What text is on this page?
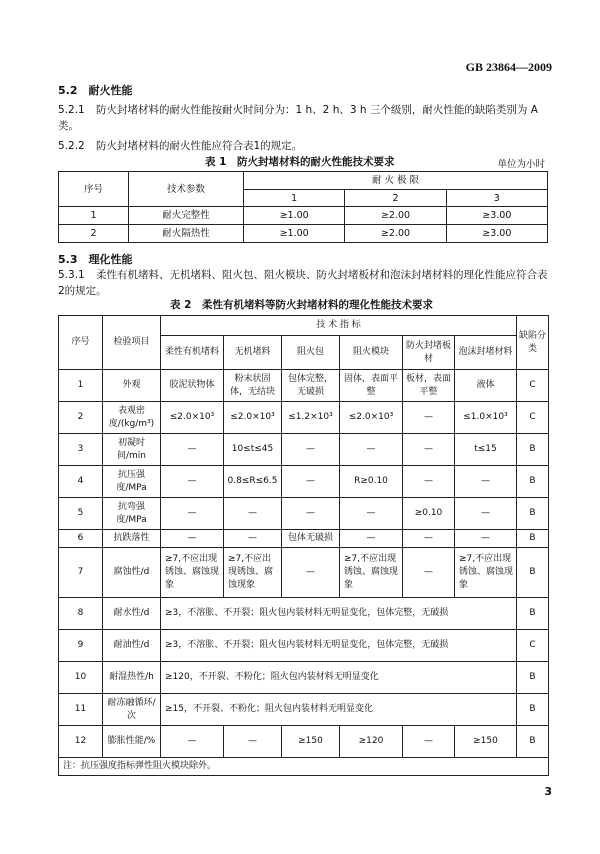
GB 23864—2009
5.2　耐火性能
5.2.1 防火封堵材料的耐火性能按耐火时间分为：1 h、2 h、3 h 三个级别，耐火性能的缺陷类别为 A类。
5.2.2 防火封堵材料的耐火性能应符合表1的规定。
表 1　防火封堵材料的耐火性能技术要求	单位为小时
序号	技术参数	耐 火 极 限		
		1	2	3
1	耐火完整性	≥1.00	≥2.00	≥3.00
2	耐火隔热性	≥1.00	≥2.00	≥3.00
5.3　理化性能
5.3.1 柔性有机堵料、无机堵料、阻火包、阻火模块、防火封堵板材和泡沫封堵材料的理化性能应符合表2的规定。
表 2　柔性有机堵料等防火封堵材料的理化性能技术要求
序号	检验项目	技 术 指 标						缺陷分类
		柔性有机堵料	无机堵料	阻火包	阻火模块	防火封堵板材	泡沫封堵材料	
1	外观	胶泥状物体	粉末状固体，无结块	包体完整，无破损	固体，表面平整	板材，表面平整	液体	C
2	表观密度/(kg/m³)	≤2.0×10³	≤2.0×10³	≤1.2×10³	≤2.0×10³	—	≤1.0×10³	C
3	初凝时间/min	—	10≤t≤45	—	—	—	t≤15	B
4	抗压强度/MPa	—	0.8≤R≤6.5	—	R≥0.10	—	—	B
5	抗弯强度/MPa	—	—	—	—	≥0.10	—	B
6	抗跌落性	—	—	包体无破损	—	—	—	B
7	腐蚀性/d	≥7,不应出现锈蚀、腐蚀现象	≥7,不应出现锈蚀、腐蚀现象	—	≥7,不应出现锈蚀、腐蚀现象	—	≥7,不应出现锈蚀、腐蚀现象	B
8	耐水性/d	≥3，不溶胀、不开裂；阻火包内装材料无明显变化，包体完整，无破损						B
9	耐油性/d	≥3，不溶胀、不开裂；阻火包内装材料无明显变化，包体完整，无破损						C
10	耐湿热性/h	≥120，不开裂、不粉化；阻火包内装材料无明显变化						B
11	耐冻融循环/次	≥15，不开裂、不粉化；阻火包内装材料无明显变化						B
12	膨胀性能/%	—	—	≥150	≥120	—	≥150	B
注：抗压强度指标弹性阻火模块除外。								
3
